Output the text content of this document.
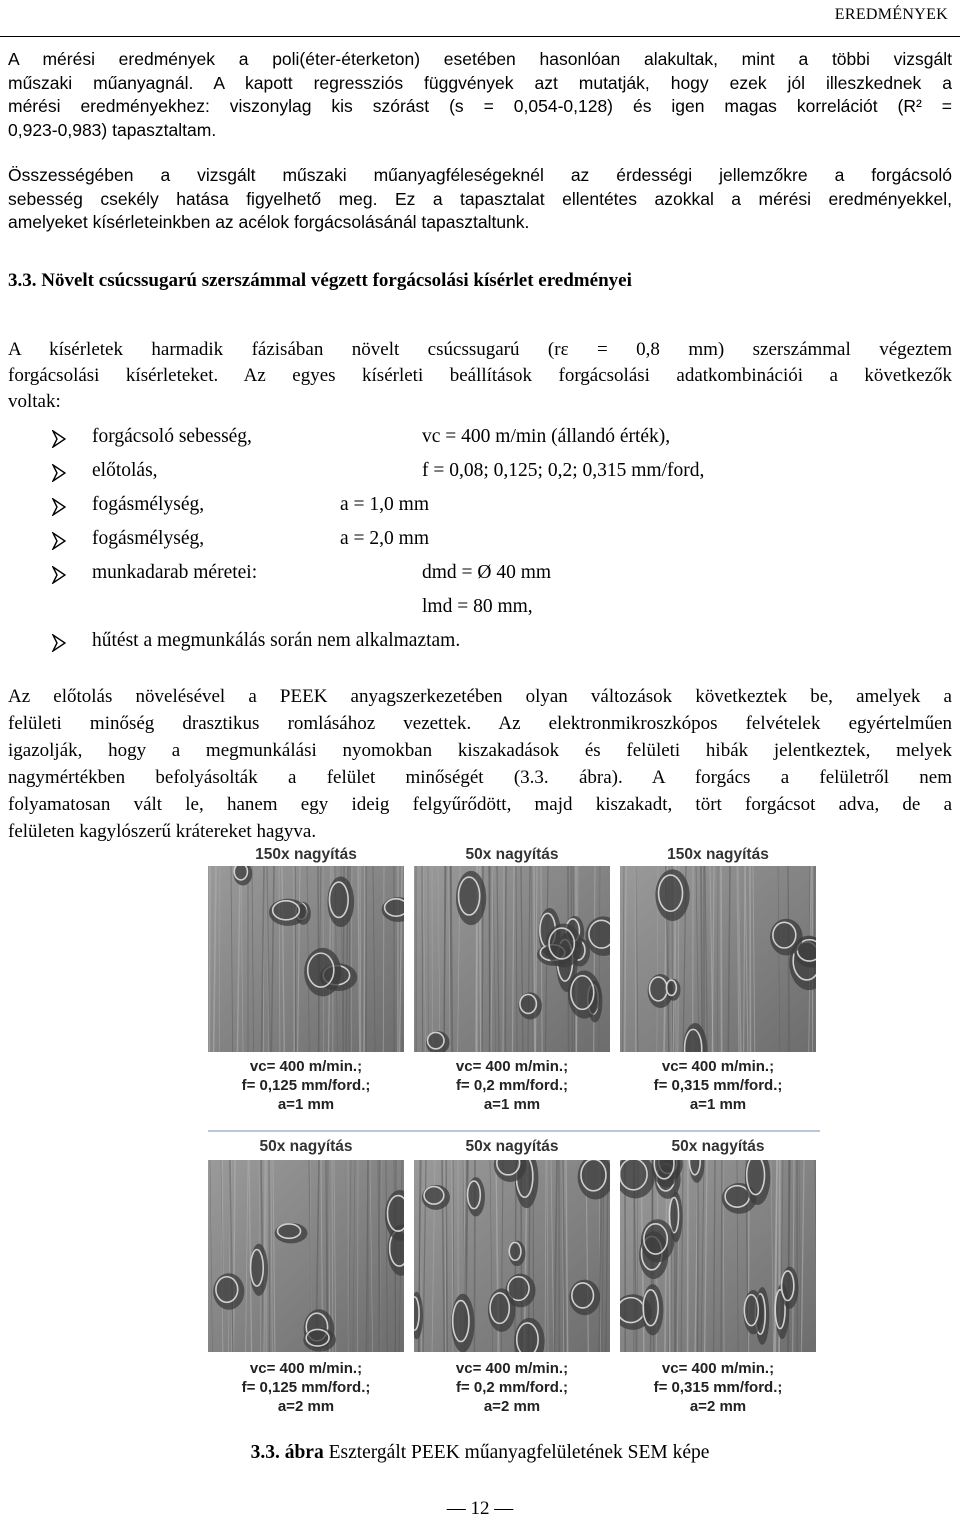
EREDMÉNYEK
A mérési eredmények a poli(éter-éterketon) esetében hasonlóan alakultak, mint a többi vizsgált
műszaki műanyagnál. A kapott regressziós függvények azt mutatják, hogy ezek jól illeszkednek a
mérési eredményekhez: viszonylag kis szórást (s = 0,054-0,128) és igen magas korrelációt (R² =
0,923-0,983) tapasztaltam.
Összességében a vizsgált műszaki műanyagféleségeknél az érdességi jellemzőkre a forgácsoló
sebesség csekély hatása figyelhető meg. Ez a tapasztalat ellentétes azokkal a mérési eredményekkel,
amelyeket kísérleteinkben az acélok forgácsolásánál tapasztaltunk.
3.3. Növelt csúcssugarú szerszámmal végzett forgácsolási kísérlet eredményei
A kísérletek harmadik fázisában növelt csúcssugarú (rε = 0,8 mm) szerszámmal végeztem
forgácsolási kísérleteket. Az egyes kísérleti beállítások forgácsolási adatkombinációi a következők
voltak:
forgácsoló sebesség,	vc = 400 m/min (állandó érték),
előtolás,	f = 0,08; 0,125; 0,2; 0,315 mm/ford,
fogásmélység,	a = 1,0 mm
fogásmélység,	a = 2,0 mm
munkadarab méretei:	dmd = Ø 40 mm
lmd = 80 mm,
hűtést a megmunkálás során nem alkalmaztam.
Az előtolás növelésével a PEEK anyagszerkezetében olyan változások következtek be, amelyek a
felületi minőség drasztikus romlásához vezettek. Az elektronmikroszkópos felvételek egyértelműen
igazolják, hogy a megmunkálási nyomokban kiszakadások és felületi hibák jelentkeztek, melyek
nagymértékben befolyásolták a felület minőségét (3.3. ábra). A forgács a felületről nem
folyamatosan vált le, hanem egy ideig felgyűrődött, majd kiszakadt, tört forgácsot adva, de a
felületen kagylószerű krátereket hagyva.
150x nagyítás
vc= 400 m/min.;
f= 0,125 mm/ford.;
a=1 mm
50x nagyítás
vc= 400 m/min.;
f= 0,2 mm/ford.;
a=1 mm
150x nagyítás
vc= 400 m/min.;
f= 0,315 mm/ford.;
a=1 mm
50x nagyítás
vc= 400 m/min.;
f= 0,125 mm/ford.;
a=2 mm
50x nagyítás
vc= 400 m/min.;
f= 0,2 mm/ford.;
a=2 mm
50x nagyítás
vc= 400 m/min.;
f= 0,315 mm/ford.;
a=2 mm
3.3. ábra Esztergált PEEK műanyagfelületének SEM képe
— 12 —
